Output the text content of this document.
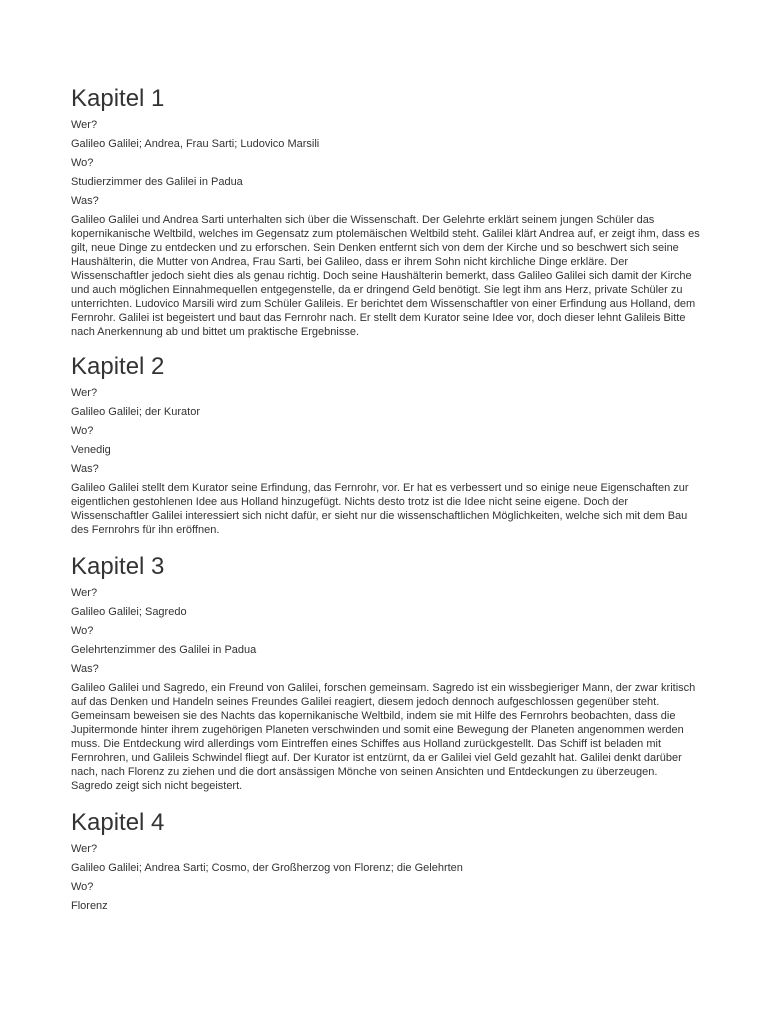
Kapitel 1

Wer?

Galileo Galilei; Andrea, Frau Sarti; Ludovico Marsili

Wo?

Studierzimmer des Galilei in Padua

Was?

Galileo Galilei und Andrea Sarti unterhalten sich über die Wissenschaft. Der Gelehrte erklärt seinem jungen Schüler das kopernikanische Weltbild, welches im Gegensatz zum ptolemäischen Weltbild steht. Galilei klärt Andrea auf, er zeigt ihm, dass es gilt, neue Dinge zu entdecken und zu erforschen. Sein Denken entfernt sich von dem der Kirche und so beschwert sich seine Haushälterin, die Mutter von Andrea, Frau Sarti, bei Galileo, dass er ihrem Sohn nicht kirchliche Dinge erkläre. Der Wissenschaftler jedoch sieht dies als genau richtig. Doch seine Haushälterin bemerkt, dass Galileo Galilei sich damit der Kirche und auch möglichen Einnahmequellen entgegenstelle, da er dringend Geld benötigt. Sie legt ihm ans Herz, private Schüler zu unterrichten. Ludovico Marsili wird zum Schüler Galileis. Er berichtet dem Wissenschaftler von einer Erfindung aus Holland, dem Fernrohr. Galilei ist begeistert und baut das Fernrohr nach. Er stellt dem Kurator seine Idee vor, doch dieser lehnt Galileis Bitte nach Anerkennung ab und bittet um praktische Ergebnisse.

Kapitel 2

Wer?

Galileo Galilei; der Kurator

Wo?

Venedig

Was?

Galileo Galilei stellt dem Kurator seine Erfindung, das Fernrohr, vor. Er hat es verbessert und so einige neue Eigenschaften zur eigentlichen gestohlenen Idee aus Holland hinzugefügt. Nichts desto trotz ist die Idee nicht seine eigene. Doch der Wissenschaftler Galilei interessiert sich nicht dafür, er sieht nur die wissenschaftlichen Möglichkeiten, welche sich mit dem Bau des Fernrohrs für ihn eröffnen.

Kapitel 3

Wer?

Galileo Galilei; Sagredo

Wo?

Gelehrtenzimmer des Galilei in Padua

Was?

Galileo Galilei und Sagredo, ein Freund von Galilei, forschen gemeinsam. Sagredo ist ein wissbegieriger Mann, der zwar kritisch auf das Denken und Handeln seines Freundes Galilei reagiert, diesem jedoch dennoch aufgeschlossen gegenüber steht. Gemeinsam beweisen sie des Nachts das kopernikanische Weltbild, indem sie mit Hilfe des Fernrohrs beobachten, dass die Jupitermonde hinter ihrem zugehörigen Planeten verschwinden und somit eine Bewegung der Planeten angenommen werden muss. Die Entdeckung wird allerdings vom Eintreffen eines Schiffes aus Holland zurückgestellt. Das Schiff ist beladen mit Fernrohren, und Galileis Schwindel fliegt auf. Der Kurator ist entzürnt, da er Galilei viel Geld gezahlt hat. Galilei denkt darüber nach, nach Florenz zu ziehen und die dort ansässigen Mönche von seinen Ansichten und Entdeckungen zu überzeugen. Sagredo zeigt sich nicht begeistert.

Kapitel 4

Wer?

Galileo Galilei; Andrea Sarti; Cosmo, der Großherzog von Florenz; die Gelehrten

Wo?

Florenz
